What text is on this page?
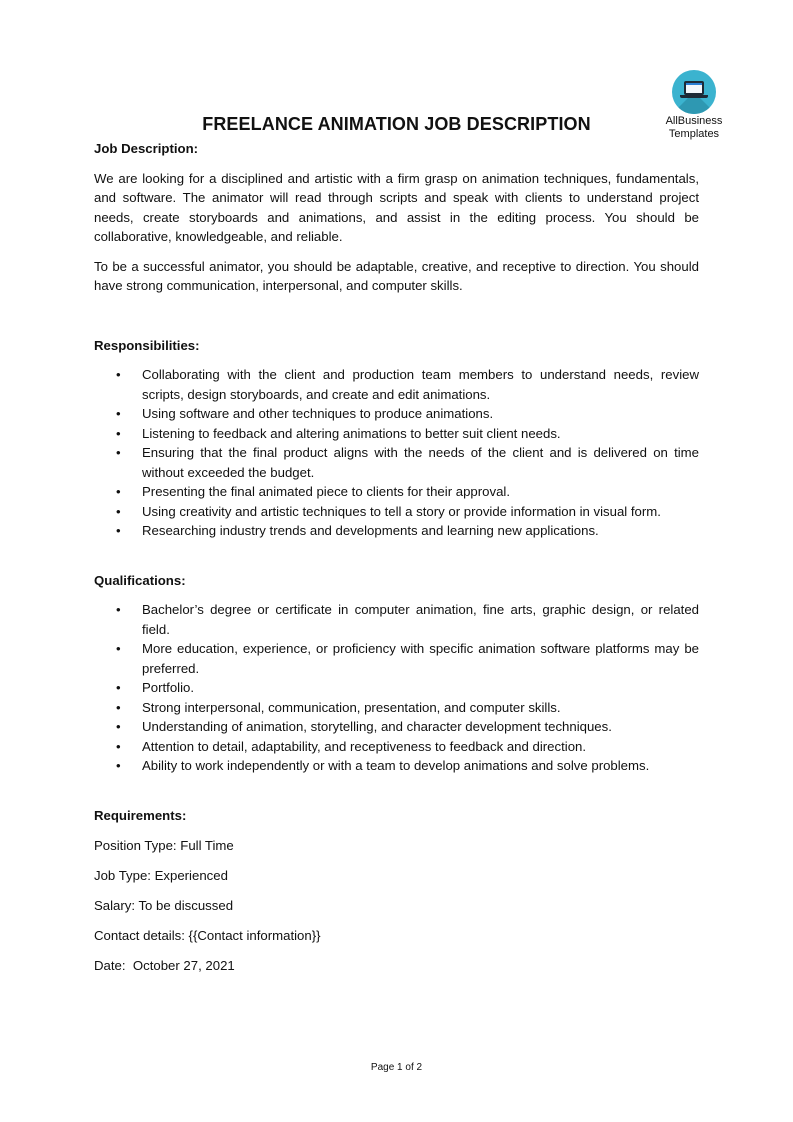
AllBusiness
Templates
FREELANCE ANIMATION JOB DESCRIPTION
Job Description:

We are looking for a disciplined and artistic with a firm grasp on animation techniques, fundamentals, and software. The animator will read through scripts and speak with clients to understand project needs, create storyboards and animations, and assist in the editing process. You should be collaborative, knowledgeable, and reliable.

To be a successful animator, you should be adaptable, creative, and receptive to direction. You should have strong communication, interpersonal, and computer skills.

Responsibilities:
• Collaborating with the client and production team members to understand needs, review scripts, design storyboards, and create and edit animations.
• Using software and other techniques to produce animations.
• Listening to feedback and altering animations to better suit client needs.
• Ensuring that the final product aligns with the needs of the client and is delivered on time without exceeded the budget.
• Presenting the final animated piece to clients for their approval.
• Using creativity and artistic techniques to tell a story or provide information in visual form.
• Researching industry trends and developments and learning new applications.
Qualifications:
• Bachelor’s degree or certificate in computer animation, fine arts, graphic design, or related field.
• More education, experience, or proficiency with specific animation software platforms may be preferred.
• Portfolio.
• Strong interpersonal, communication, presentation, and computer skills.
• Understanding of animation, storytelling, and character development techniques.
• Attention to detail, adaptability, and receptiveness to feedback and direction.
• Ability to work independently or with a team to develop animations and solve problems.
Requirements:
Position Type: Full Time
Job Type: Experienced
Salary: To be discussed
Contact details: {{Contact information}}
Date:  October 27, 2021
Page 1 of 2
